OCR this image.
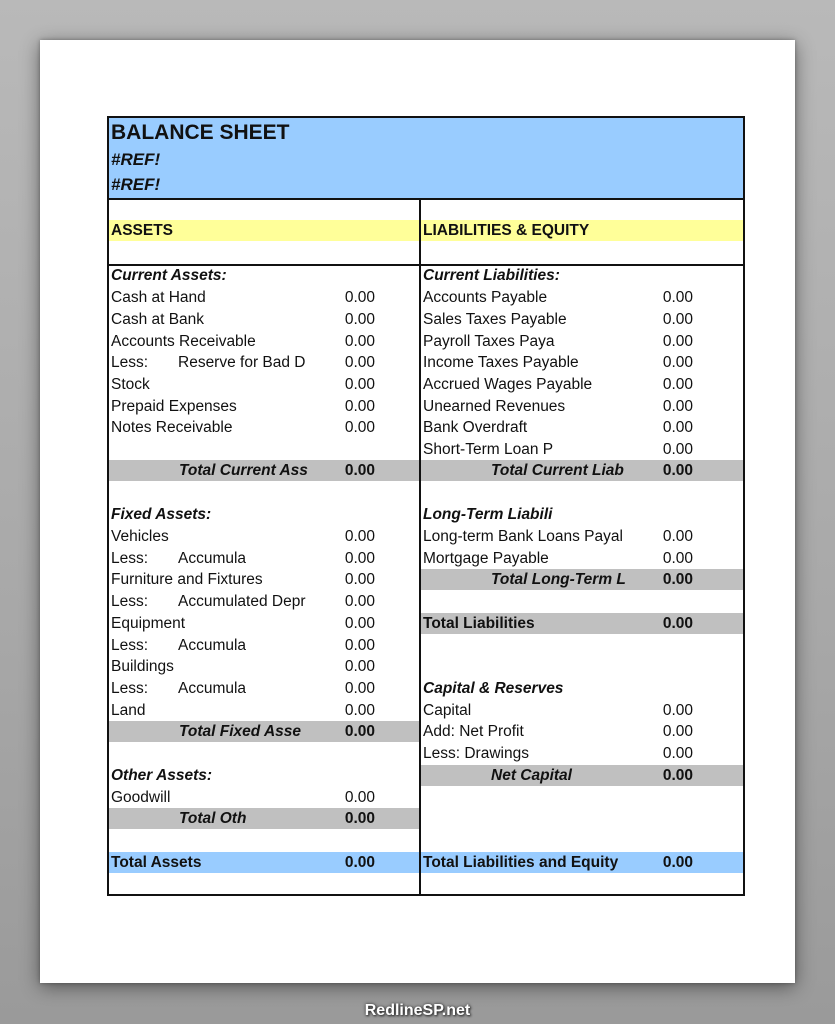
BALANCE SHEET
#REF!
#REF!
ASSETS	LIABILITIES & EQUITY
Current Assets:
Cash at Hand	0.00
Cash at Bank	0.00
Accounts Receivable	0.00
Less:	Reserve for Bad D	0.00
Stock	0.00
Prepaid Expenses	0.00
Notes Receivable	0.00
Total Current Ass	0.00
Fixed Assets:
Vehicles	0.00
Less:	Accumula	0.00
Furniture and Fixtures	0.00
Less:	Accumulated Depr	0.00
Equipment	0.00
Less:	Accumula	0.00
Buildings	0.00
Less:	Accumula	0.00
Land	0.00
Total Fixed Asse	0.00
Other Assets:
Goodwill	0.00
Total Oth	0.00
Total Assets	0.00
Current Liabilities:
Accounts Payable	0.00
Sales Taxes Payable	0.00
Payroll Taxes Paya	0.00
Income Taxes Payable	0.00
Accrued Wages Payable	0.00
Unearned Revenues	0.00
Bank Overdraft	0.00
Short-Term Loan P	0.00
Total Current Liab	0.00
Long-Term Liabili
Long-term Bank Loans Payal	0.00
Mortgage Payable	0.00
Total Long-Term L	0.00
Total Liabilities	0.00
Capital & Reserves
Capital	0.00
Add: Net Profit	0.00
Less: Drawings	0.00
Net Capital	0.00
Total Liabilities and Equity	0.00
RedlineSP.net
